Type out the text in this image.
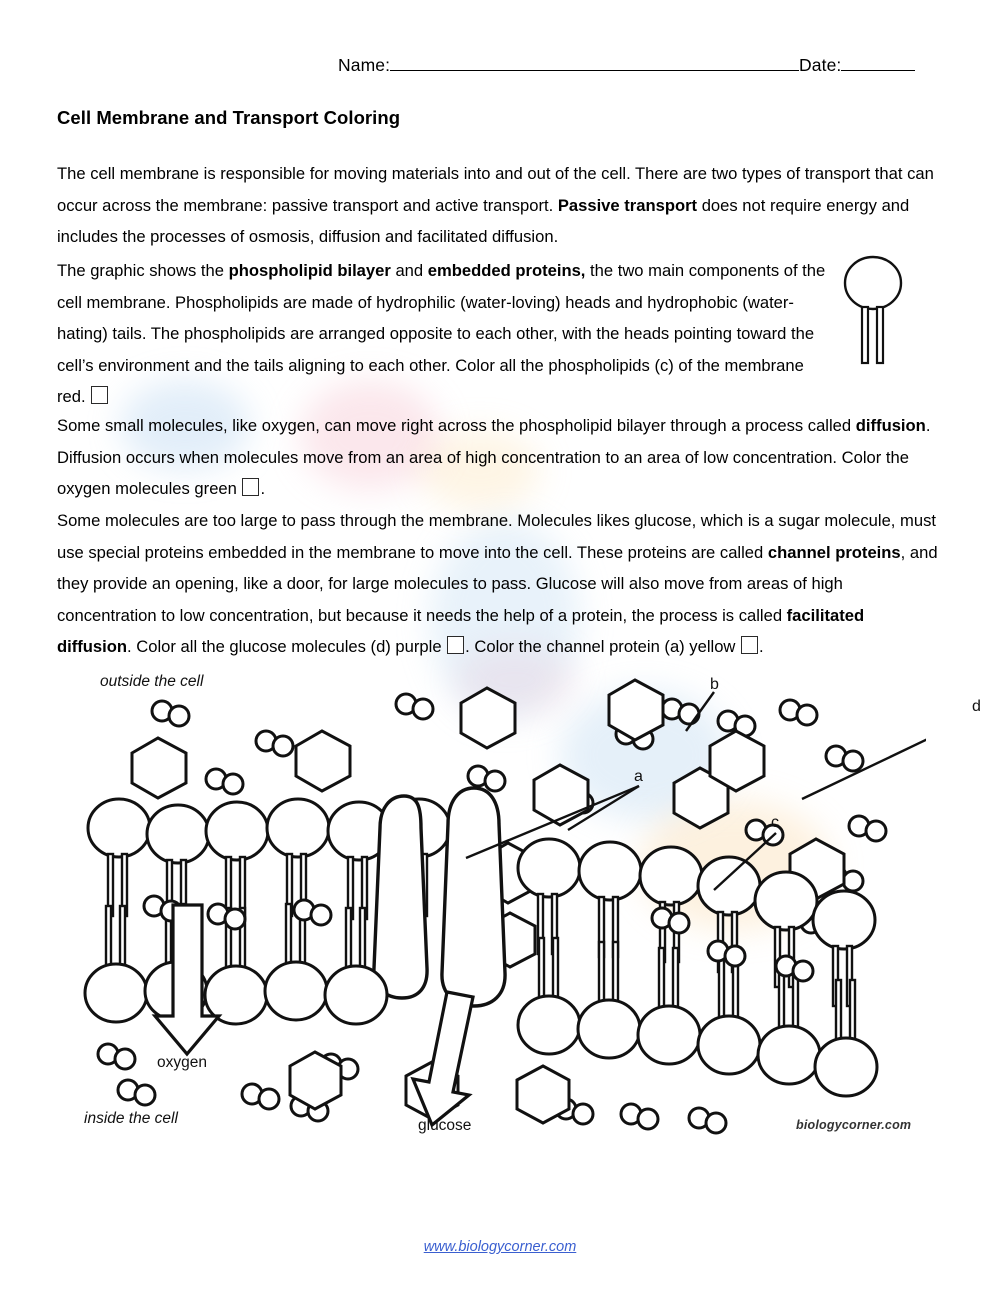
Name:	Date:
Cell Membrane and Transport Coloring
The cell membrane is responsible for moving materials into and out of the cell. There are two types of transport that can occur across the membrane: passive transport and active transport. Passive transport does not require energy and includes the processes of osmosis, diffusion and facilitated diffusion.
The graphic shows the phospholipid bilayer and embedded proteins, the two main components of the cell membrane. Phospholipids are made of hydrophilic (water-loving) heads and hydrophobic (water-hating) tails. The phospholipids are arranged opposite to each other, with the heads pointing toward the cell’s environment and the tails aligning to each other. Color all the phospholipids (c) of the membrane red.
Some small molecules, like oxygen, can move right across the phospholipid bilayer through a process called diffusion. Diffusion occurs when molecules move from an area of high concentration to an area of low concentration. Color the oxygen molecules green .
Some molecules are too large to pass through the membrane. Molecules likes glucose, which is a sugar molecule, must use special proteins embedded in the membrane to move into the cell. These proteins are called channel proteins, and they provide an opening, like a door, for large molecules to pass. Glucose will also move from areas of high concentration to low concentration, but because it needs the help of a protein, the process is called facilitated diffusion. Color all the glucose molecules (d) purple . Color the channel protein (a) yellow .
outside the cell
inside the cell
oxygen
glucose
a
b
c
d
biologycorner.com
www.biologycorner.com
